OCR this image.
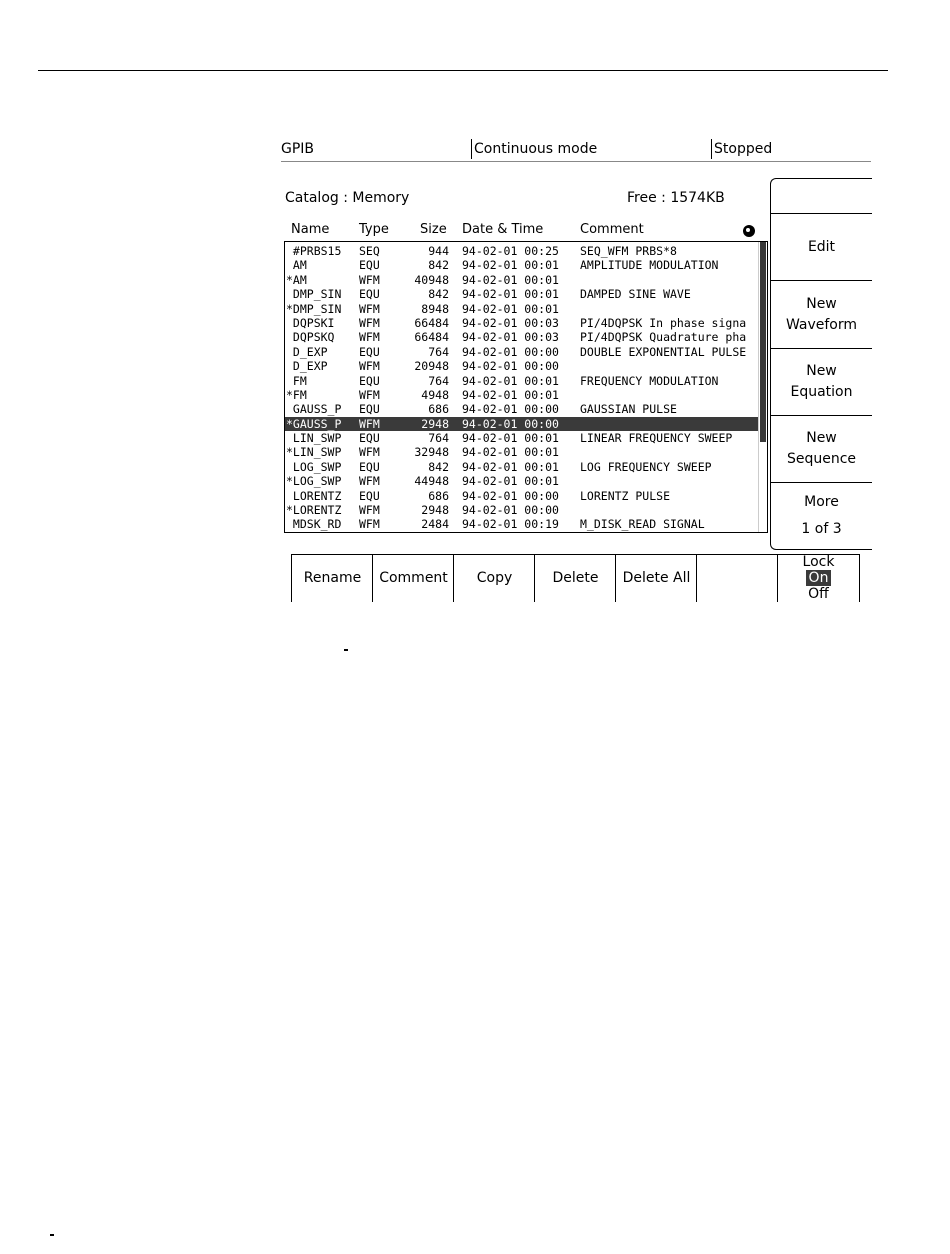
GPIB	Continuous mode	Stopped
Catalog : Memory	Free : 1574KB
Name Type Size Date & Time	Comment
#PRBS15 SEQ	944 94-02-01 00:25 SEQ_WFM PRBS*8
AM	EQU	842 94-02-01 00:01 AMPLITUDE MODULATION
*AM	WFM	40948 94-02-01 00:01
DMP_SIN EQU	842 94-02-01 00:01 DAMPED SINE WAVE
*DMP_SIN WFM	8948 94-02-01 00:01
DQPSKI WFM	66484 94-02-01 00:03 PI/4DQPSK In phase signa
DQPSKQ WFM	66484 94-02-01 00:03 PI/4DQPSK Quadrature pha
D_EXP	EQU	764 94-02-01 00:00 DOUBLE EXPONENTIAL PULSE
D_EXP	WFM	20948 94-02-01 00:00
FM	EQU	764 94-02-01 00:01 FREQUENCY MODULATION
*FM	WFM	4948 94-02-01 00:01
GAUSS_P EQU	686 94-02-01 00:00 GAUSSIAN PULSE
*GAUSS_P WFM	2948 94-02-01 00:00
LIN_SWP EQU	764 94-02-01 00:01 LINEAR FREQUENCY SWEEP
*LIN_SWP WFM	32948 94-02-01 00:01
LOG_SWP EQU	842 94-02-01 00:01 LOG FREQUENCY SWEEP
*LOG_SWP WFM	44948 94-02-01 00:01
LORENTZ EQU	686 94-02-01 00:00 LORENTZ PULSE
*LORENTZ WFM	2948 94-02-01 00:00
MDSK_RD WFM	2484 94-02-01 00:19 M_DISK_READ SIGNAL
Edit
New
Waveform
New
Equation
New
Sequence
More
1 of 3
Rename Comment Copy	Delete Delete All
Lock
On
Off
